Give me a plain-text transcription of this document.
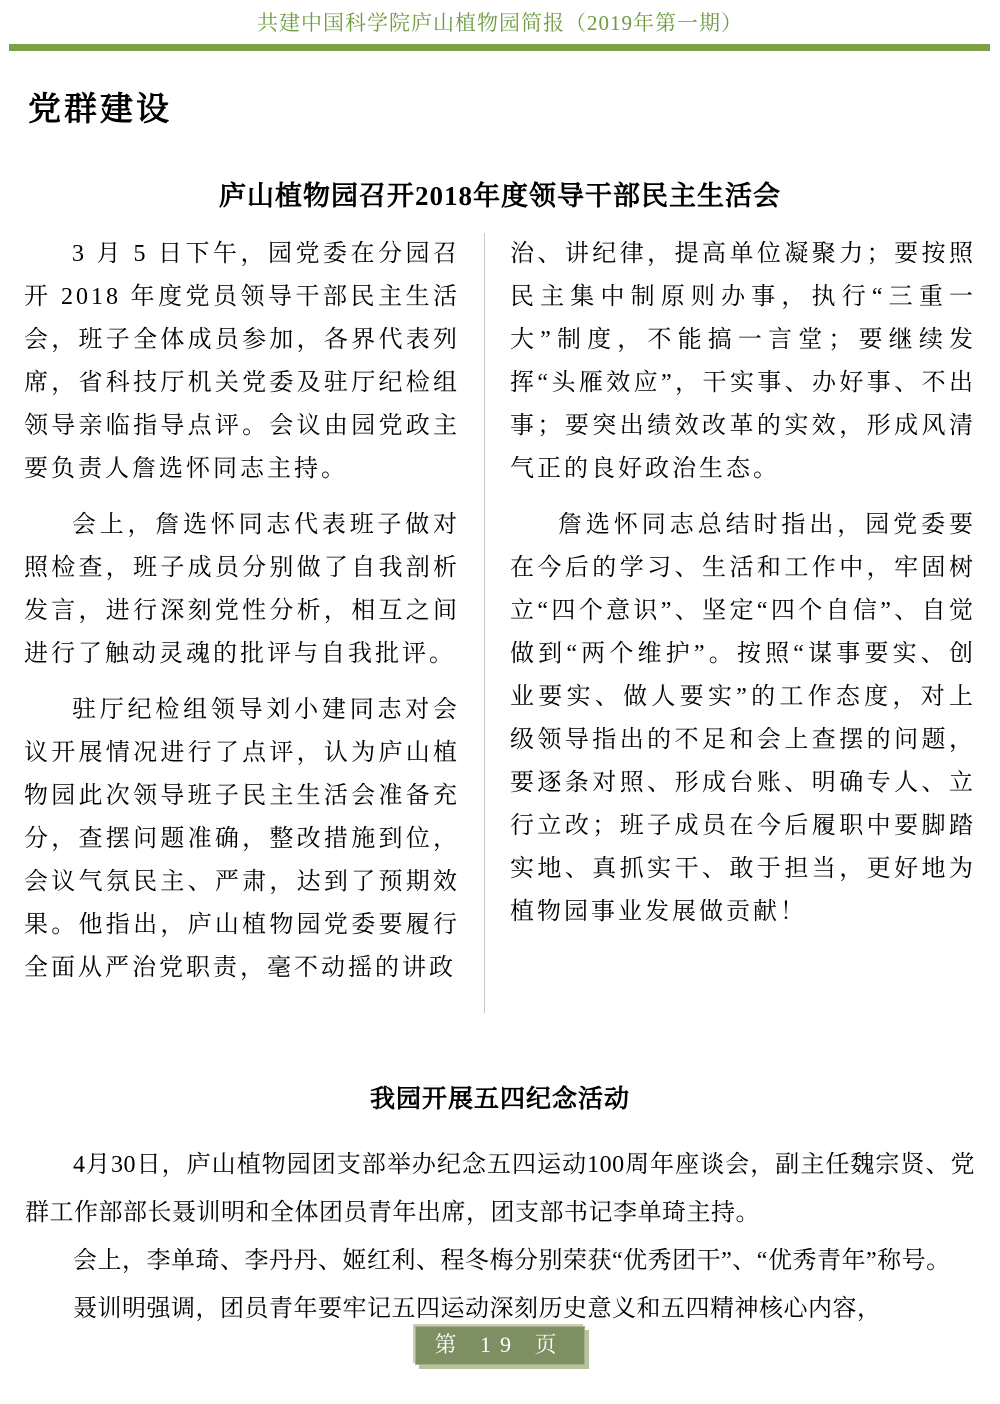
共建中国科学院庐山植物园简报（2019年第一期）
党群建设
庐山植物园召开2018年度领导干部民主生活会

3 月 5 日下午，园党委在分园召开 2018 年度党员领导干部民主生活会，班子全体成员参加，各界代表列席，省科技厅机关党委及驻厅纪检组领导亲临指导点评。会议由园党政主要负责人詹选怀同志主持。

会上，詹选怀同志代表班子做对照检查，班子成员分别做了自我剖析发言，进行深刻党性分析，相互之间进行了触动灵魂的批评与自我批评。

驻厅纪检组领导刘小建同志对会议开展情况进行了点评，认为庐山植物园此次领导班子民主生活会准备充分，查摆问题准确，整改措施到位，会议气氛民主、严肃，达到了预期效果。他指出，庐山植物园党委要履行全面从严治党职责，毫不动摇的讲政

治、讲纪律，提高单位凝聚力；要按照民主集中制原则办事，执行“三重一大”制度，不能搞一言堂；要继续发挥“头雁效应”，干实事、办好事、不出事；要突出绩效改革的实效，形成风清气正的良好政治生态。

詹选怀同志总结时指出，园党委要在今后的学习、生活和工作中，牢固树立“四个意识”、坚定“四个自信”、自觉做到“两个维护”。按照“谋事要实、创业要实、做人要实”的工作态度，对上级领导指出的不足和会上查摆的问题，要逐条对照、形成台账、明确专人、立行立改；班子成员在今后履职中要脚踏实地、真抓实干、敢于担当，更好地为植物园事业发展做贡献！

我园开展五四纪念活动

4月30日，庐山植物园团支部举办纪念五四运动100周年座谈会，副主任魏宗贤、党群工作部部长聂训明和全体团员青年出席，团支部书记李单琦主持。

会上，李单琦、李丹丹、姬红利、程冬梅分别荣获“优秀团干”、“优秀青年”称号。

聂训明强调，团员青年要牢记五四运动深刻历史意义和五四精神核心内容，

第 19 页
